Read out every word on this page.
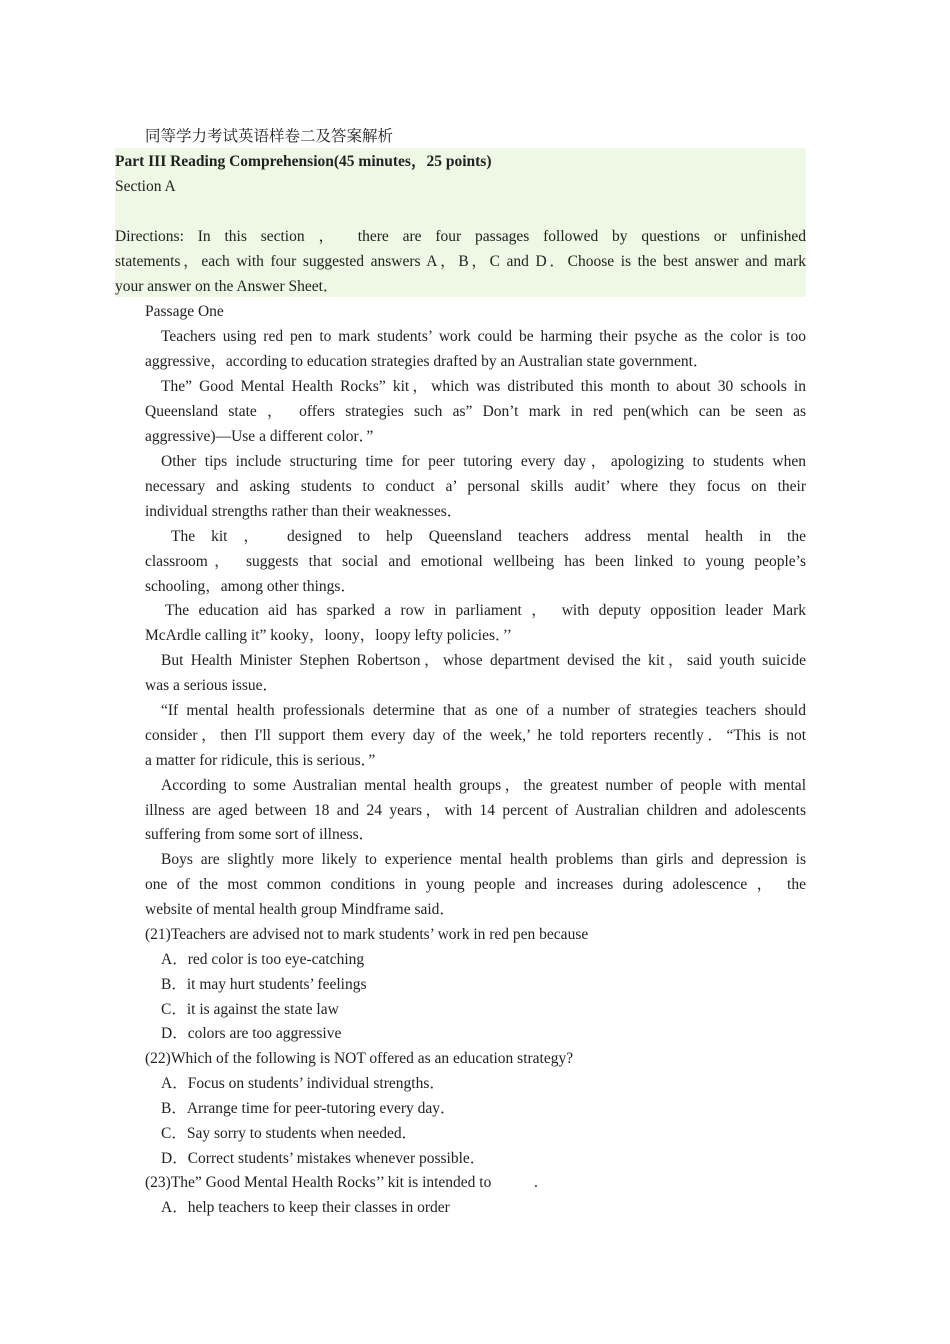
同等学力考试英语样卷二及答案解析
Part III Reading Comprehension(45 minutes，25 points)
Section A
Directions: In this section ， there are four passages followed by questions or unfinished
statements，each with four suggested answers A，B，C and D．Choose is the best answer and mark
your answer on the Answer Sheet．
Passage One
Teachers using red pen to mark students’ work could be harming their psyche as the color is too
aggressive，according to education strategies drafted by an Australian state government．
The” Good Mental Health Rocks” kit，which was distributed this month to about 30 schools in
Queensland state ， offers strategies such as” Don’t mark in red pen(which can be seen as
aggressive)—Use a different color．”
Other tips include structuring time for peer tutoring every day，apologizing to students when
necessary and asking students to conduct a’ personal skills audit’ where they focus on their
individual strengths rather than their weaknesses．
The kit ， designed to help Queensland teachers address mental health in the
classroom， suggests that social and emotional wellbeing has been linked to young people’s
schooling，among other things．
The education aid has sparked a row in parliament ， with deputy opposition leader Mark
McArdle calling it” kooky，loony，loopy lefty policies．’’
But Health Minister Stephen Robertson，whose department devised the kit，said youth suicide
was a serious issue．
“If mental health professionals determine that as one of a number of strategies teachers should
consider，then I'll support them every day of the week,’ he told reporters recently．“This is not
a matter for ridicule, this is serious．”
According to some Australian mental health groups，the greatest number of people with mental
illness are aged between 18 and 24 years，with 14 percent of Australian children and adolescents
suffering from some sort of illness．
Boys are slightly more likely to experience mental health problems than girls and depression is
one of the most common conditions in young people and increases during adolescence ， the
website of mental health group Mindframe said．
(21)Teachers are advised not to mark students’ work in red pen because
A．red color is too eye-catching
B．it may hurt students’ feelings
C．it is against the state law
D．colors are too aggressive
(22)Which of the following is NOT offered as an education strategy?
A．Focus on students’ individual strengths．
B．Arrange time for peer-tutoring every day．
C．Say sorry to students when needed．
D．Correct students’ mistakes whenever possible．
(23)The” Good Mental Health Rocks’’ kit is intended to           .
A．help teachers to keep their classes in order
